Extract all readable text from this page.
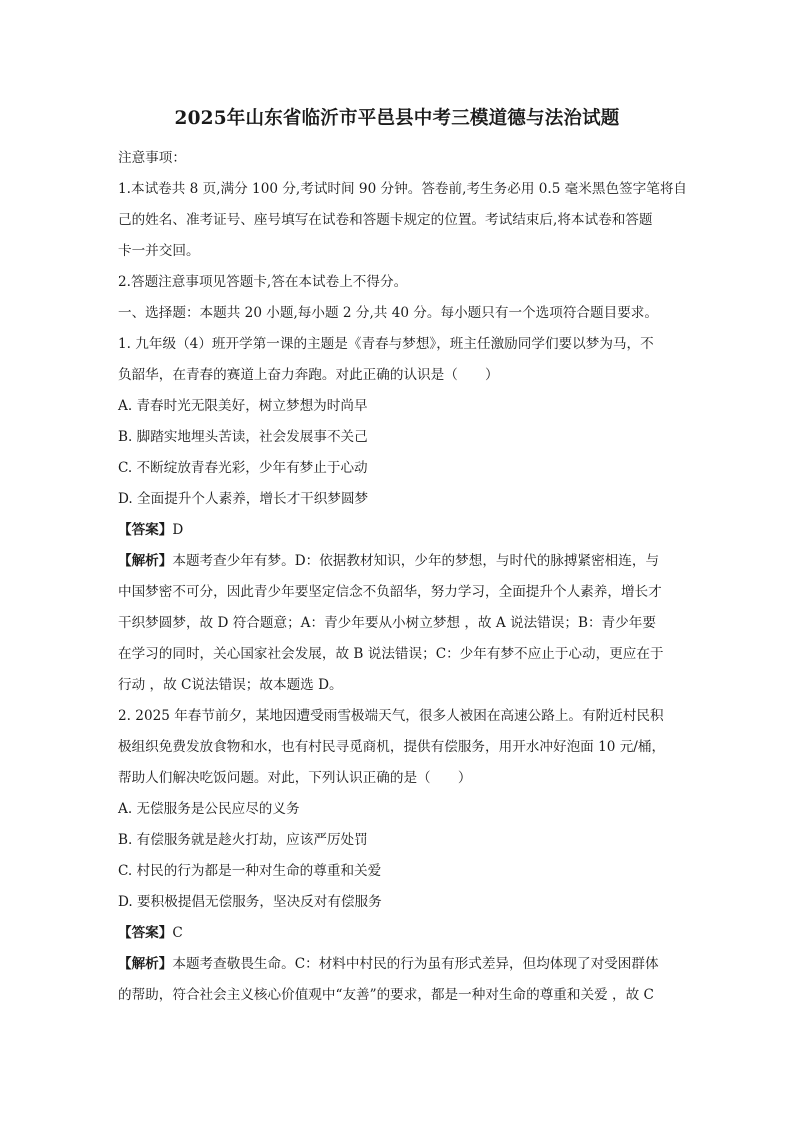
2025年山东省临沂市平邑县中考三模道德与法治试题
注意事项：
1.本试卷共 8 页,满分 100 分,考试时间 90 分钟。答卷前,考生务必用 0.5 毫米黑色签字笔将自
己的姓名、准考证号、座号填写在试卷和答题卡规定的位置。考试结束后,将本试卷和答题
卡一并交回。
2.答题注意事项见答题卡,答在本试卷上不得分。
一、选择题：本题共 20 小题,每小题 2 分,共 40 分。每小题只有一个选项符合题目要求。
1. 九年级（4）班开学第一课的主题是《青春与梦想》，班主任激励同学们要以梦为马，不
负韶华，在青春的赛道上奋力奔跑。对此正确的认识是（　　）
A. 青春时光无限美好，树立梦想为时尚早
B. 脚踏实地埋头苦读，社会发展事不关己
C. 不断绽放青春光彩，少年有梦止于心动
D. 全面提升个人素养，增长才干织梦圆梦
【答案】D
【解析】本题考查少年有梦。D：依据教材知识，少年的梦想，与时代的脉搏紧密相连，与
中国梦密不可分，因此青少年要坚定信念不负韶华，努力学习，全面提升个人素养，增长才
干织梦圆梦，故 D 符合题意；A：青少年要从小树立梦想 ，故 A 说法错误；B：青少年要
在学习的同时，关心国家社会发展，故 B 说法错误；C：少年有梦不应止于心动，更应在于
行动 ，故 C说法错误；故本题选 D。
2. 2025 年春节前夕，某地因遭受雨雪极端天气，很多人被困在高速公路上。有附近村民积
极组织免费发放食物和水，也有村民寻觅商机，提供有偿服务，用开水冲好泡面 10 元/桶，
帮助人们解决吃饭问题。对此，下列认识正确的是（　　）
A. 无偿服务是公民应尽的义务
B. 有偿服务就是趁火打劫，应该严厉处罚
C. 村民的行为都是一种对生命的尊重和关爱
D. 要积极提倡无偿服务，坚决反对有偿服务
【答案】C
【解析】本题考查敬畏生命。C：材料中村民的行为虽有形式差异，但均体现了对受困群体
的帮助，符合社会主义核心价值观中“友善”的要求，都是一种对生命的尊重和关爱 ，故 C
